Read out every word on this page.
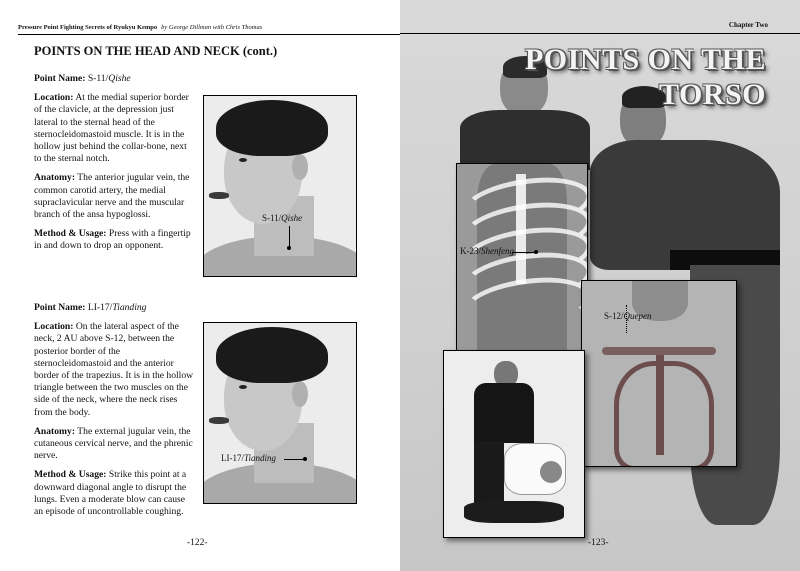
Pressure Point Fighting Secrets of Ryukyu Kempo by George Dillman with Chris Thomas
POINTS ON THE HEAD AND NECK (cont.)

Point Name: S-11/Qishe

Location: At the medial superior border of the clavicle, at the depression just lateral to the sternal head of the sternocleidomastoid muscle. It is in the hollow just behind the collar-bone, next to the sternal notch.

Anatomy: The anterior jugular vein, the common carotid artery, the medial supraclavicular nerve and the muscular branch of the ansa hypoglossi.

Method & Usage: Press with a fingertip in and down to drop an opponent.

S-11/Qishe

Point Name: LI-17/Tianding

Location: On the lateral aspect of the neck, 2 AU above S-12, between the posterior border of the sternocleidomastoid and the anterior border of the trapezius. It is in the hollow triangle between the two muscles on the side of the neck, where the neck rises from the body.

Anatomy: The external jugular vein, the cutaneous cervical nerve, and the phrenic nerve.

Method & Usage: Strike this point at a downward diagonal angle to disrupt the lungs. Even a moderate blow can cause an episode of uncontrollable coughing.

LI-17/Tianding
-122-
Chapter Two
K-23/Shenfeng
S-12/Quepen
POINTS ON THE
TORSO
-123-
